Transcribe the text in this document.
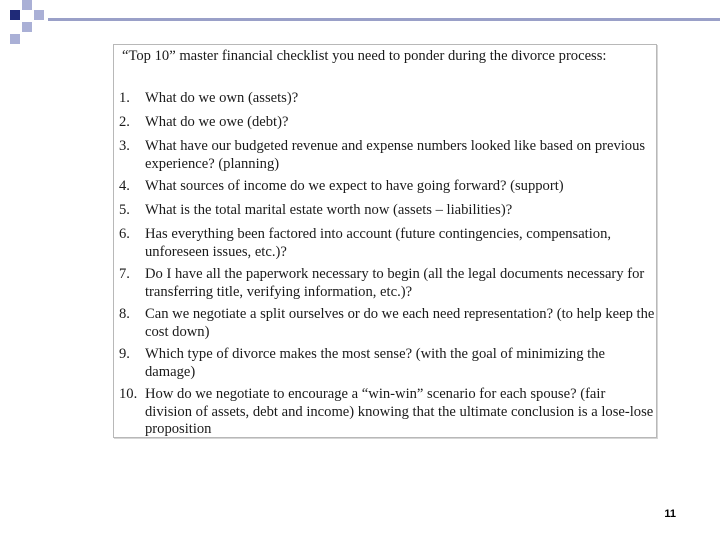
“Top 10” master financial checklist you need to ponder during the divorce process:
1. What do we own (assets)?
2. What do we owe (debt)?
3. What have our budgeted revenue and expense numbers looked like based on previous experience? (planning)
4. What sources of income do we expect to have going forward? (support)
5. What is the total marital estate worth now (assets – liabilities)?
6. Has everything been factored into account (future contingencies, compensation, unforeseen issues, etc.)?
7. Do I have all the paperwork necessary to begin (all the legal documents necessary for transferring title, verifying information, etc.)?
8. Can we negotiate a split ourselves or do we each need representation? (to help keep the cost down)
9. Which type of divorce makes the most sense? (with the goal of minimizing the damage)
10. How do we negotiate to encourage a “win-win” scenario for each spouse? (fair division of assets, debt and income) knowing that the ultimate conclusion is a lose-lose proposition
11
